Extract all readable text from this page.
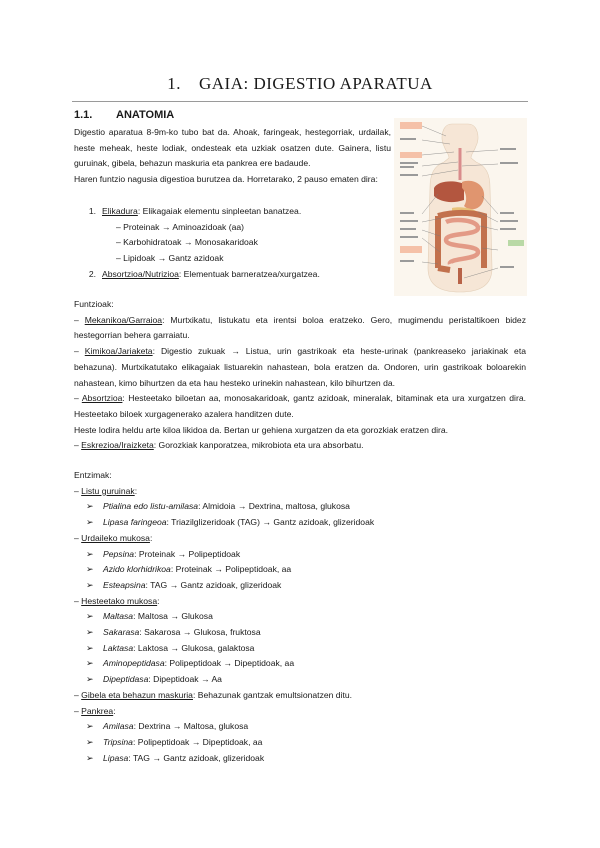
1. GAIA: DIGESTIO APARATUA
1.1. ANATOMIA
Digestio aparatua 8-9m-ko tubo bat da. Ahoak, faringeak, hestegorriak, urdailak, heste meheak, heste lodiak, ondesteak eta uzkiak osatzen dute. Gainera, listu guruinak, gibela, behazun maskuria eta pankrea ere badaude.
Haren funtzio nagusia digestioa burutzea da. Horretarako, 2 pauso ematen dira:
1. Elikadura: Elikagaiak elementu sinpleetan banatzea.
– Proteinak → Aminoazidoak (aa)
– Karbohidratoak → Monosakaridoak
– Lipidoak → Gantz azidoak
2. Absortzioa/Nutrizioa: Elementuak barneratzea/xurgatzea.
Funtzioak:
– Mekanikoa/Garraioa: Murtxikatu, listukatu eta irentsi boloa eratzeko. Gero, mugimendu peristaltikoen bidez hestegorrian behera garraiatu.
– Kimikoa/Jariaketa: Digestio zukuak → Listua, urin gastrikoak eta heste-urinak (pankreaseko jariakinak eta behazuna). Murtxikatutako elikagaiak listuarekin nahastean, bola eratzen da. Ondoren, urin gastrikoak boloarekin nahastean, kimo bihurtzen da eta hau hesteko urinekin nahastean, kilo bihurtzen da.
– Absortzioa: Hesteetako biloetan aa, monosakaridoak, gantz azidoak, mineralak, bitaminak eta ura xurgatzen dira. Hesteetako biloek xurgagenerako azalera handitzen dute.
Heste lodira heldu arte kiloa likidoa da. Bertan ur gehiena xurgatzen da eta gorozkiak eratzen dira.
– Eskrezioa/Iraizketa: Gorozkiak kanporatzea, mikrobiota eta ura absorbatu.
Entzimak:
– Listu guruinak:
➢ Ptialina edo listu-amilasa: Almidoia → Dextrina, maltosa, glukosa
➢ Lipasa faringeoa: Triazilglizeridoak (TAG) → Gantz azidoak, glizeridoak
– Urdaileko mukosa:
➢ Pepsina: Proteinak → Polipeptidoak
➢ Azido klorhidrikoa: Proteinak → Polipeptidoak, aa
➢ Esteapsina: TAG → Gantz azidoak, glizeridoak
– Hesteetako mukosa:
➢ Maltasa: Maltosa → Glukosa
➢ Sakarasa: Sakarosa → Glukosa, fruktosa
➢ Laktasa: Laktosa → Glukosa, galaktosa
➢ Aminopeptidasa: Polipeptidoak → Dipeptidoak, aa
➢ Dipeptidasa: Dipeptidoak → Aa
– Gibela eta behazun maskuria: Behazunak gantzak emultsionatzen ditu.
– Pankrea:
➢ Amilasa: Dextrina → Maltosa, glukosa
➢ Tripsina: Polipeptidoak → Dipeptidoak, aa
➢ Lipasa: TAG → Gantz azidoak, glizeridoak
